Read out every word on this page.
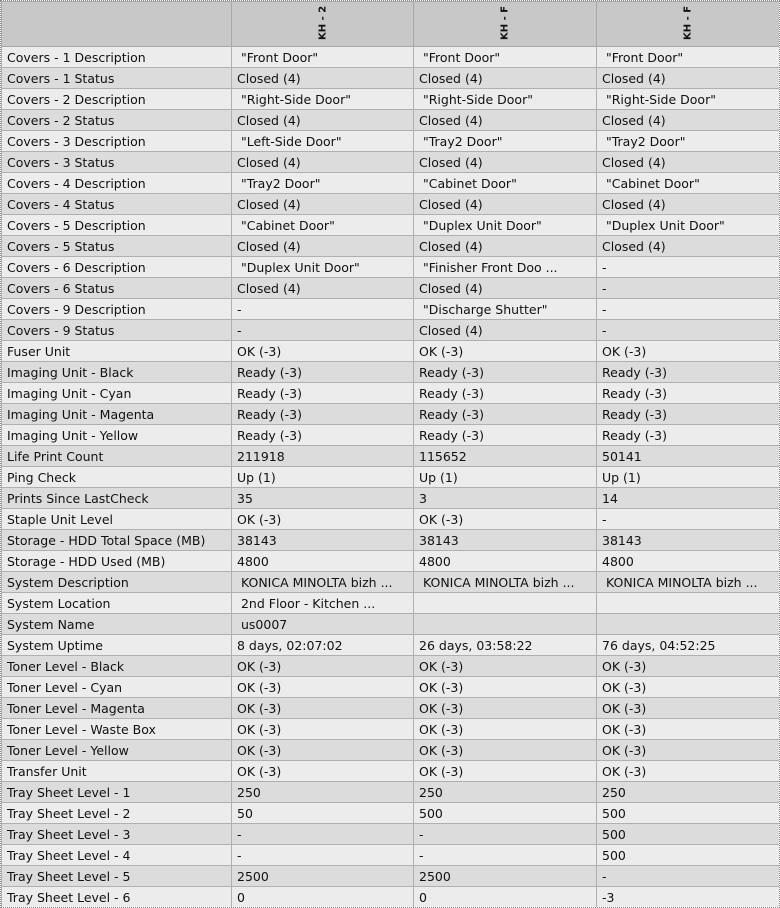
	KH - 2	KH - F	KH - F

Covers - 1 Description	"Front Door"	"Front Door"	"Front Door"
Covers - 1 Status	Closed (4)	Closed (4)	Closed (4)
Covers - 2 Description	"Right-Side Door"	"Right-Side Door"	"Right-Side Door"
Covers - 2 Status	Closed (4)	Closed (4)	Closed (4)
Covers - 3 Description	"Left-Side Door"	"Tray2 Door"	"Tray2 Door"
Covers - 3 Status	Closed (4)	Closed (4)	Closed (4)
Covers - 4 Description	"Tray2 Door"	"Cabinet Door"	"Cabinet Door"
Covers - 4 Status	Closed (4)	Closed (4)	Closed (4)
Covers - 5 Description	"Cabinet Door"	"Duplex Unit Door"	"Duplex Unit Door"
Covers - 5 Status	Closed (4)	Closed (4)	Closed (4)
Covers - 6 Description	"Duplex Unit Door"	"Finisher Front Doo ...	-
Covers - 6 Status	Closed (4)	Closed (4)	-
Covers - 9 Description	-	"Discharge Shutter"	-
Covers - 9 Status	-	Closed (4)	-
Fuser Unit	OK (-3)	OK (-3)	OK (-3)
Imaging Unit - Black	Ready (-3)	Ready (-3)	Ready (-3)
Imaging Unit - Cyan	Ready (-3)	Ready (-3)	Ready (-3)
Imaging Unit - Magenta	Ready (-3)	Ready (-3)	Ready (-3)
Imaging Unit - Yellow	Ready (-3)	Ready (-3)	Ready (-3)
Life Print Count	211918	115652	50141
Ping Check	Up (1)	Up (1)	Up (1)
Prints Since LastCheck	35	3	14
Staple Unit Level	OK (-3)	OK (-3)	-
Storage - HDD Total Space (MB)	38143	38143	38143
Storage - HDD Used (MB)	4800	4800	4800
System Description	KONICA MINOLTA bizh ...	KONICA MINOLTA bizh ...	KONICA MINOLTA bizh ...
System Location	2nd Floor - Kitchen ...		
System Name	us0007		
System Uptime	8 days, 02:07:02	26 days, 03:58:22	76 days, 04:52:25
Toner Level - Black	OK (-3)	OK (-3)	OK (-3)
Toner Level - Cyan	OK (-3)	OK (-3)	OK (-3)
Toner Level - Magenta	OK (-3)	OK (-3)	OK (-3)
Toner Level - Waste Box	OK (-3)	OK (-3)	OK (-3)
Toner Level - Yellow	OK (-3)	OK (-3)	OK (-3)
Transfer Unit	OK (-3)	OK (-3)	OK (-3)
Tray Sheet Level - 1	250	250	250
Tray Sheet Level - 2	50	500	500
Tray Sheet Level - 3	-	-	500
Tray Sheet Level - 4	-	-	500
Tray Sheet Level - 5	2500	2500	-
Tray Sheet Level - 6	0	0	-3
